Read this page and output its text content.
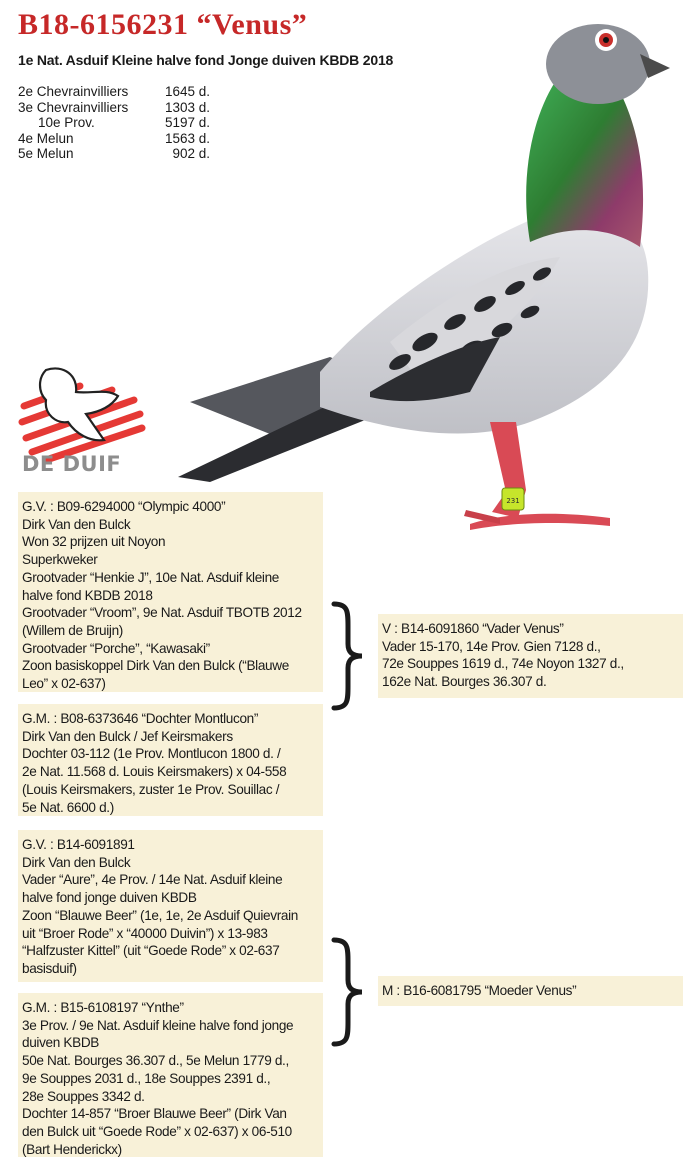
B18-6156231 “Venus”

1e Nat. Asduif Kleine halve fond Jonge duiven KBDB 2018

2e Chevrainvilliers	1645 d.
3e Chevrainvilliers	1303 d.
10e Prov.	5197 d.
4e Melun	1563 d.
5e Melun	902 d.
231

DE DUIF

G.V. : B09-6294000 “Olympic 4000”
Dirk Van den Bulck
Won 32 prijzen uit Noyon
Superkweker
Grootvader “Henkie J”, 10e Nat. Asduif kleine
halve fond KBDB 2018
Grootvader “Vroom”, 9e Nat. Asduif TBOTB 2012
(Willem de Bruijn)
Grootvader “Porche”, “Kawasaki”
Zoon basiskoppel Dirk Van den Bulck (“Blauwe
Leo” x 02-637)
G.M. : B08-6373646 “Dochter Montlucon”
Dirk Van den Bulck / Jef Keirsmakers
Dochter 03-112 (1e Prov. Montlucon 1800 d. /
2e Nat. 11.568 d. Louis Keirsmakers) x 04-558
(Louis Keirsmakers, zuster 1e Prov. Souillac /
5e Nat. 6600 d.)
G.V. : B14-6091891
Dirk Van den Bulck
Vader “Aure”, 4e Prov. / 14e Nat. Asduif kleine
halve fond jonge duiven KBDB
Zoon “Blauwe Beer” (1e, 1e, 2e Asduif Quievrain
uit “Broer Rode” x “40000 Duivin”) x 13-983
“Halfzuster Kittel” (uit “Goede Rode” x 02-637
basisduif)
G.M. : B15-6108197 “Ynthe”
3e Prov. / 9e Nat. Asduif kleine halve fond jonge
duiven KBDB
50e Nat. Bourges 36.307 d., 5e Melun 1779 d.,
9e Souppes 2031 d., 18e Souppes 2391 d.,
28e Souppes 3342 d.
Dochter 14-857 “Broer Blauwe Beer” (Dirk Van
den Bulck uit “Goede Rode” x 02-637) x 06-510
(Bart Henderickx)
V : B14-6091860 “Vader Venus”
Vader 15-170, 14e Prov. Gien 7128 d.,
72e Souppes 1619 d., 74e Noyon 1327 d.,
162e Nat. Bourges 36.307 d.
M : B16-6081795 “Moeder Venus”
